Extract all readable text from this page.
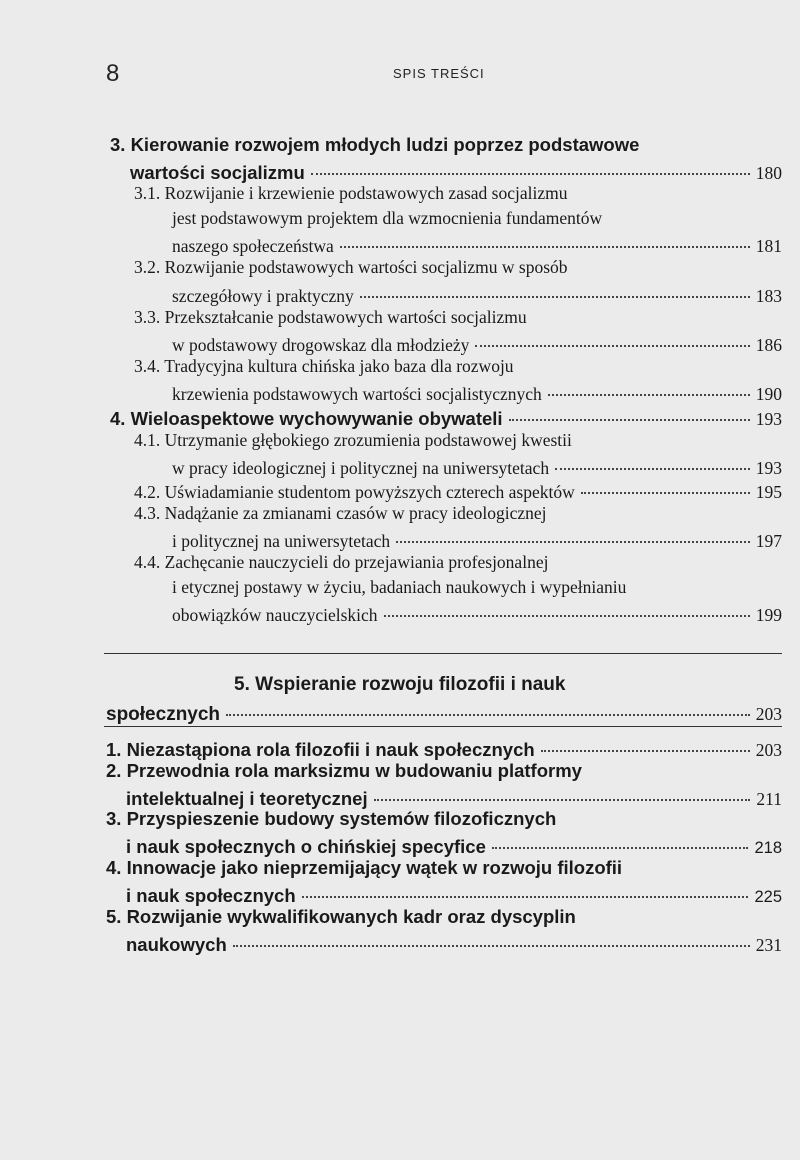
8	SPIS TREŚCI
3. Kierowanie rozwojem młodych ludzi poprzez podstawowe
wartości socjalizmu	180
3.1. Rozwijanie i krzewienie podstawowych zasad socjalizmu
jest podstawowym projektem dla wzmocnienia fundamentów
naszego społeczeństwa	181
3.2. Rozwijanie podstawowych wartości socjalizmu w sposób
szczegółowy i praktyczny	183
3.3. Przekształcanie podstawowych wartości socjalizmu
w podstawowy drogowskaz dla młodzieży	186
3.4. Tradycyjna kultura chińska jako baza dla rozwoju
krzewienia podstawowych wartości socjalistycznych	190
4. Wieloaspektowe wychowywanie obywateli	193
4.1. Utrzymanie głębokiego zrozumienia podstawowej kwestii
w pracy ideologicznej i politycznej na uniwersytetach	193
4.2. Uświadamianie studentom powyższych czterech aspektów	195
4.3. Nadążanie za zmianami czasów w pracy ideologicznej
i politycznej na uniwersytetach	197
4.4. Zachęcanie nauczycieli do przejawiania profesjonalnej
i etycznej postawy w życiu, badaniach naukowych i wypełnianiu
obowiązków nauczycielskich	199
5. Wspieranie rozwoju filozofii i nauk
społecznych	203
1. Niezastąpiona rola filozofii i nauk społecznych	203
2. Przewodnia rola marksizmu w budowaniu platformy
intelektualnej i teoretycznej	211
3. Przyspieszenie budowy systemów filozoficznych
i nauk społecznych o chińskiej specyfice	218
4. Innowacje jako nieprzemijający wątek w rozwoju filozofii
i nauk społecznych	225
5. Rozwijanie wykwalifikowanych kadr oraz dyscyplin
naukowych	231
